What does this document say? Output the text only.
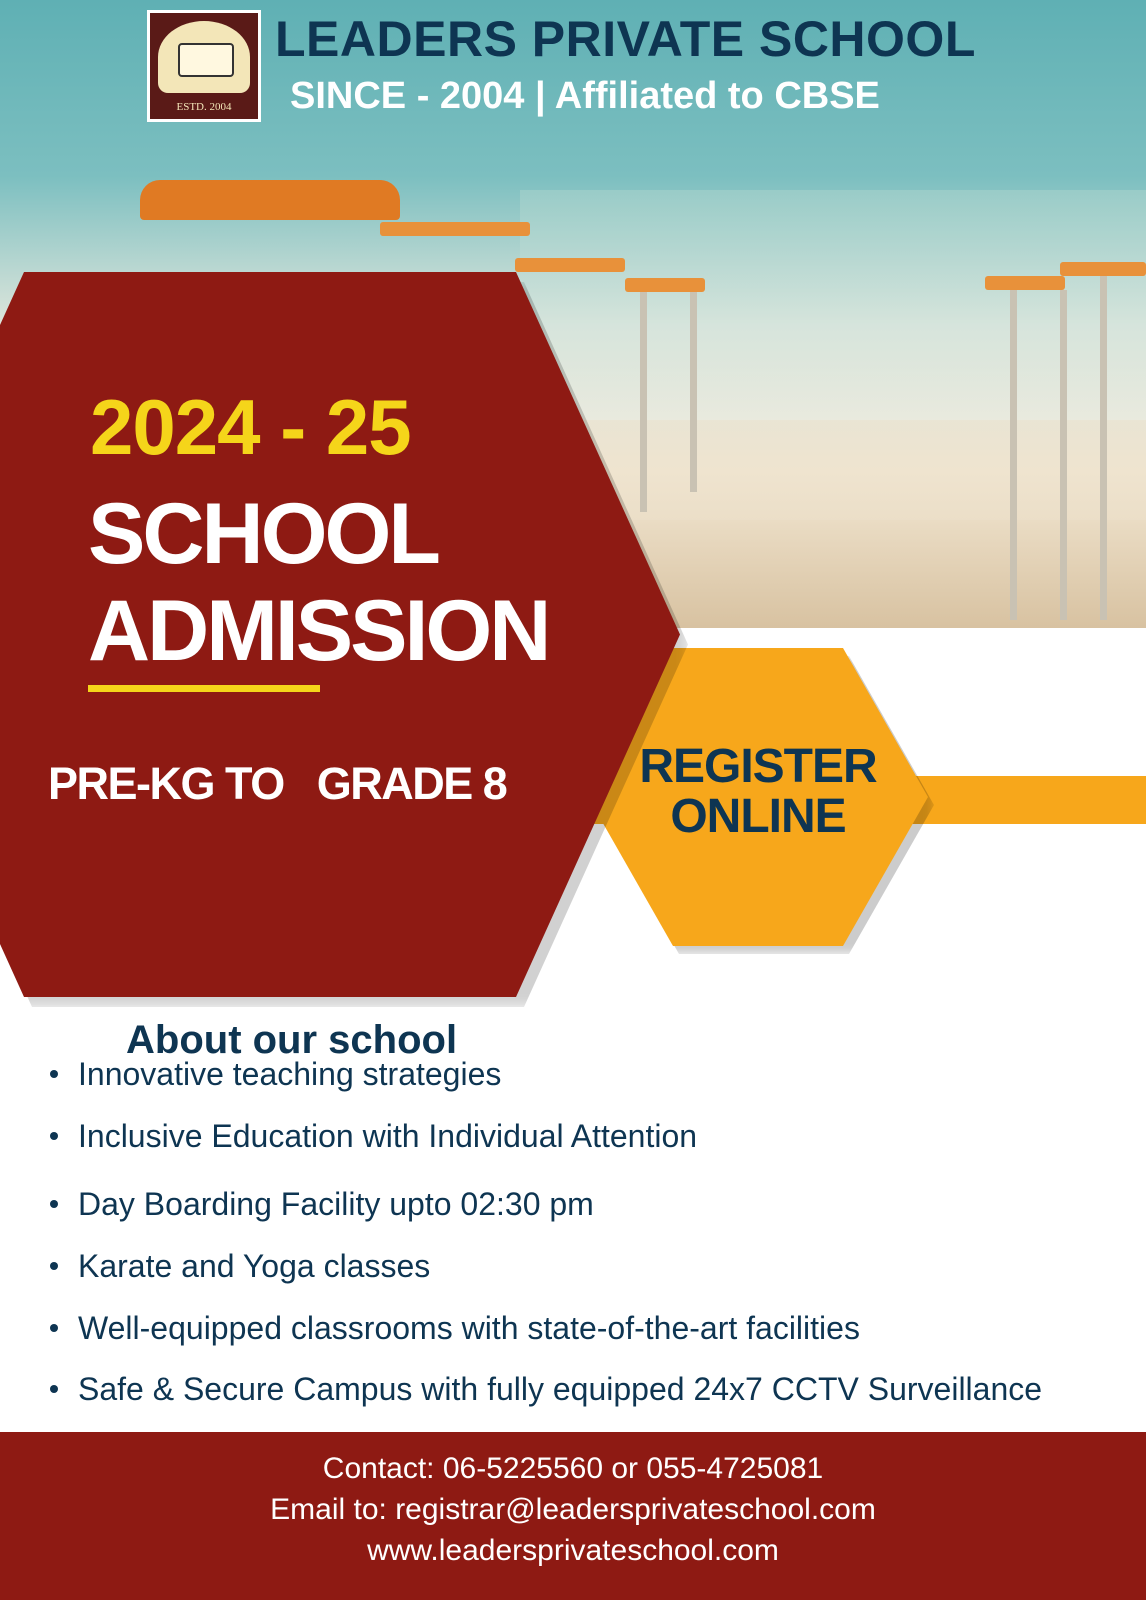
ESTD. 2004
LEADERS PRIVATE SCHOOL
SINCE - 2004 | Affiliated to CBSE
REGISTER
ONLINE
2024 - 25
SCHOOL
ADMISSION
PRE-KG TO   GRADE 8
About our school
Innovative teaching strategies
Inclusive Education with Individual Attention
Day Boarding Facility upto 02:30 pm
Karate and Yoga classes
Well-equipped classrooms with state-of-the-art facilities
Safe & Secure Campus with fully equipped 24x7 CCTV Surveillance
Contact: 06-5225560 or 055-4725081
Email to: registrar@leadersprivateschool.com
www.leadersprivateschool.com
